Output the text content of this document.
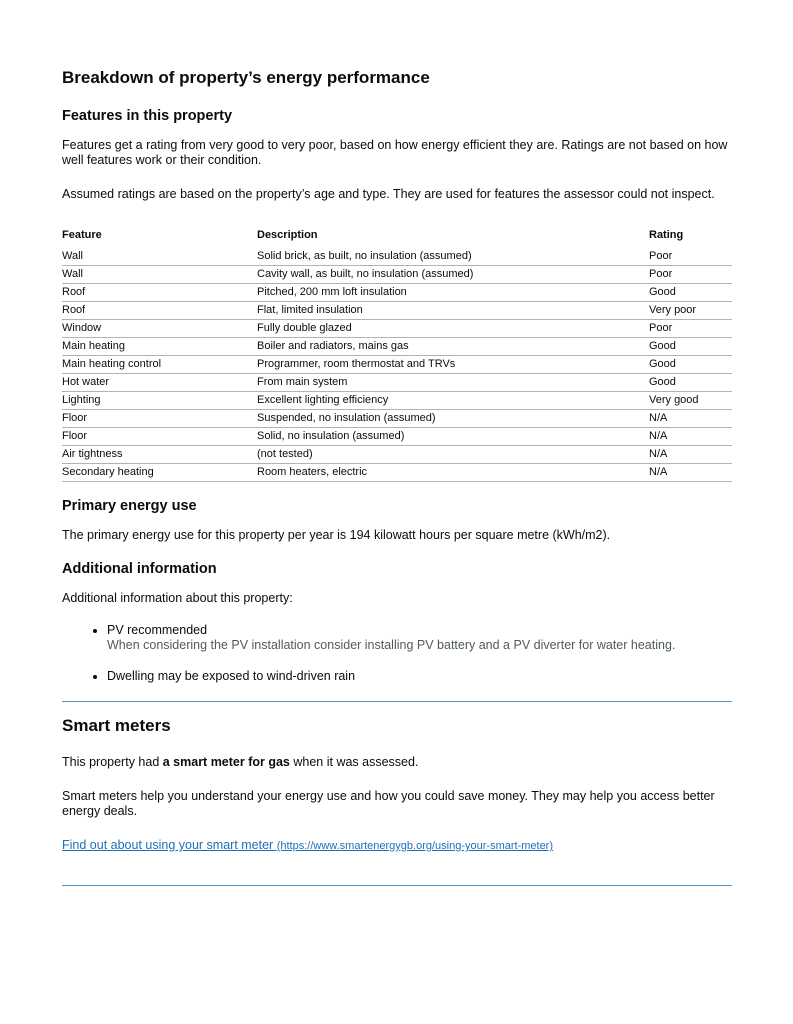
Breakdown of property’s energy performance
Features in this property

Features get a rating from very good to very poor, based on how energy efficient they are. Ratings are not based on how well features work or their condition.

Assumed ratings are based on the property’s age and type. They are used for features the assessor could not inspect.

Feature	Description	Rating
Wall	Solid brick, as built, no insulation (assumed)	Poor
Wall	Cavity wall, as built, no insulation (assumed)	Poor
Roof	Pitched, 200 mm loft insulation	Good
Roof	Flat, limited insulation	Very poor
Window	Fully double glazed	Poor
Main heating	Boiler and radiators, mains gas	Good
Main heating control	Programmer, room thermostat and TRVs	Good
Hot water	From main system	Good
Lighting	Excellent lighting efficiency	Very good
Floor	Suspended, no insulation (assumed)	N/A
Floor	Solid, no insulation (assumed)	N/A
Air tightness	(not tested)	N/A
Secondary heating	Room heaters, electric	N/A
Primary energy use

The primary energy use for this property per year is 194 kilowatt hours per square metre (kWh/m2).

Additional information

Additional information about this property:

• PV recommended
When considering the PV installation consider installing PV battery and a PV diverter for water heating.
• Dwelling may be exposed to wind-driven rain
Smart meters

This property had a smart meter for gas when it was assessed.

Smart meters help you understand your energy use and how you could save money. They may help you access better energy deals.

Find out about using your smart meter (https://www.smartenergygb.org/using-your-smart-meter)
